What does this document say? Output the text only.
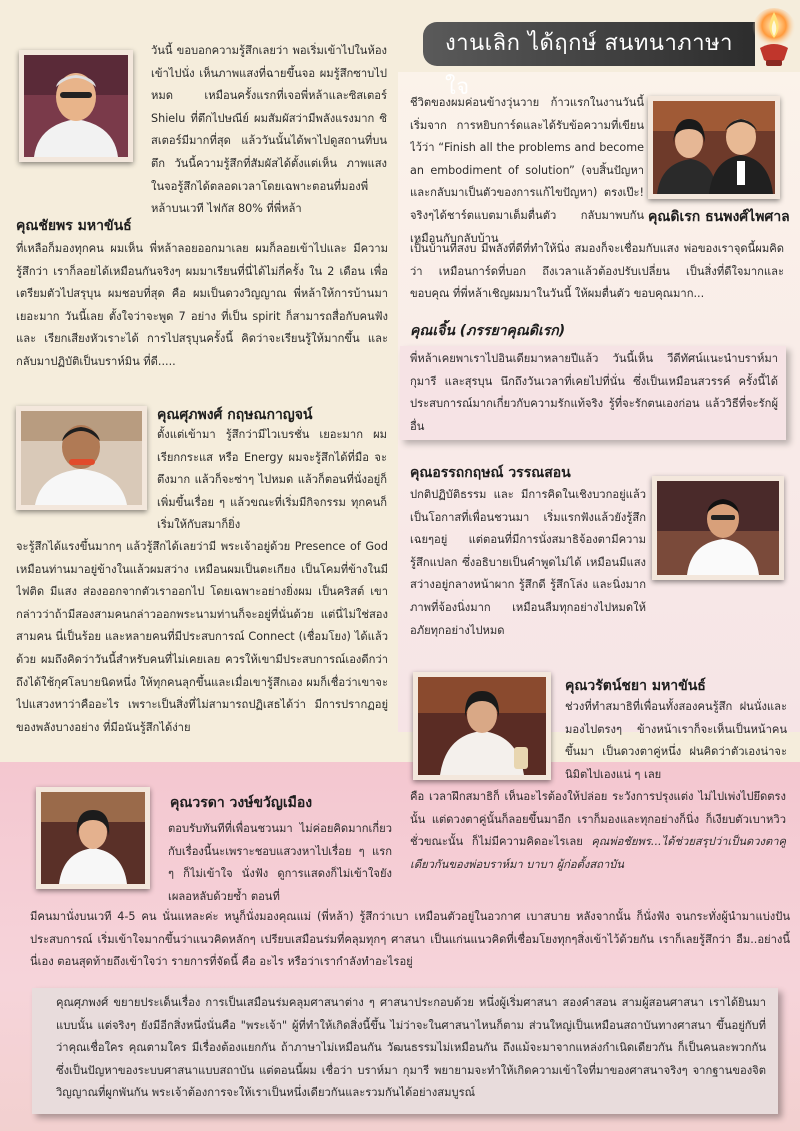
งานเลิก ได้ฤกษ์ สนทนาภาษาใจ
คุณชัยพร มหาขันธ์
วันนี้ ขอบอกความรู้สึกเลยว่า พอเริ่มเข้าไปในห้อง เข้าไปนั่ง เห็นภาพแสงที่ฉายขึ้นจอ ผมรู้สึกซาบไปหมด เหมือนครั้งแรกที่เจอพี่หล้าและซิสเตอร์ Shielu ที่ตึกไปษณีย์ ผมสัมผัสว่ามีพลังแรงมาก ซิสเตอร์มีมากที่สุด แล้ววันนั้นได้พาไปดูสถานที่บนตึก วันนี้ความรู้สึกที่สัมผัสได้ตั้งแต่เห็น ภาพแสงในจอรู้สึกได้ตลอดเวลาโดยเฉพาะตอนที่มองพี่หล้าบนเวที ไฟกัส 80% ที่พี่หล้า
ที่เหลือก็มองทุกคน ผมเห็น พี่หล้าลอยออกมาเลย ผมก็ลอยเข้าไปและ มีความรู้สึกว่า เราก็ลอยได้เหมือนกันจริงๆ ผมมาเรียนที่นี่ได้ไม่กี่ครั้ง ใน 2 เดือน เพื่อเตรียมตัวไปสรุบุน ผมชอบที่สุด คือ ผมเป็นดวงวิญญาณ พี่หล้าให้การบ้านมาเยอะมาก วันนี้เลย ตั้งใจว่าจะพูด 7 อย่าง ที่เป็น spirit ก็สามารถสื่อกับคนฟัง และ เรียกเสียงหัวเราะได้ การไปสรุบุนครั้งนี้ คิดว่าจะเรียนรู้ให้มากขึ้น และ กลับมาปฏิบัติเป็นบราห์มิน ที่ดี.....
คุณศุภพงศ์ กฤษณกาญจน์
ตั้งแต่เข้ามา รู้สึกว่ามีไวเบรชั่น เยอะมาก ผมเรียกกระแส หรือ Energy ผมจะรู้สึกได้ที่มือ จะตึงมาก แล้วก็จะซ่าๆ ไปหมด แล้วก็ตอนที่นั่งอยู่ก็เพิ่มขึ้นเรื่อย ๆ แล้วขณะที่เริ่มมีกิจกรรม ทุกคนก็เริ่มให้กับสมาก็ยิ่ง
จะรู้สึกได้แรงขึ้นมากๆ แล้วรู้สึกได้เลยว่ามี พระเจ้าอยู่ด้วย Presence of God เหมือนท่านมาอยู่ข้างในแล้วผมสว่าง เหมือนผมเป็นตะเกียง เป็นโคมที่ข้างในมีไฟติด มีแสง ส่องออกจากตัวเราออกไป โดยเฉพาะอย่างยิ่งผม เป็นคริสต์ เขากล่าวว่าถ้ามีสองสามคนกล่าวออกพระนามท่านก็จะอยู่ที่นั่นด้วย แต่นี่ไม่ใช่สองสามคน นี่เป็นร้อย และหลายคนที่มีประสบการณ์ Connect (เชื่อมโยง) ได้แล้วด้วย ผมถึงคิดว่าวันนี้สำหรับคนที่ไม่เคยเลย ควรให้เขามีประสบการณ์เองดีกว่า ถึงได้ใช้กุศโลบายนิดหนึ่ง ให้ทุกคนลุกขึ้นและเมื่อเขารู้สึกเอง ผมก็เชื่อว่าเขาจะไปแสวงหาว่าคืออะไร เพราะเป็นสิ่งที่ไม่สามารถปฏิเสธได้ว่า มีการปรากฏอยู่ของพลังบางอย่าง ที่มีอนันรู้สึกได้ง่าย
ชีวิตของผมค่อนข้างวุ่นวาย ก้าวแรกในงานวันนี้ เริ่มจาก การหยิบการ์ดและได้รับข้อความที่เขียนไว้ว่า “Finish all the problems and become an embodiment of solution” (จบสิ้นปัญหาและกลับมาเป็นตัวของการแก้ไขปัญหา) ตรงเป๊ะ! จริงๆได้ชาร์ตแบตมาเต็มตื่นตัว กลับมาพบกัน เหมือนกับกลับบ้าน
คุณดิเรก ธนพงศ์ไพศาล
เป็นบ้านที่สงบ มีพลังที่ดีที่ทำให้นิ่ง สมองก็จะเชื่อมกับแสง พ่อของเราจุดนี้ผมคิดว่า เหมือนการ์ดที่บอก ถึงเวลาแล้วต้องปรับเปลี่ยน เป็นสิ่งที่ดีใจมากและขอบคุณ ที่พี่หล้าเชิญผมมาในวันนี้ ให้ผมตื่นตัว ขอบคุณมาก...
คุณเจิ้น (ภรรยาคุณดิเรก)
พี่หล้าเคยพาเราไปอินเดียมาหลายปีแล้ว วันนี้เห็น วีดีทัศน์แนะนำบราห์มากุมารี และสุรบุน นึกถึงวันเวลาที่เคยไปที่นั่น ซึ่งเป็นเหมือนสวรรค์ ครั้งนี้ได้ประสบการณ์มากเกี่ยวกับความรักแท้จริง รู้ที่จะรักตนเองก่อน แล้ววิธีที่จะรักผู้อื่น
คุณอรรถกฤษณ์ วรรณสอน
ปกติปฏิบัติธรรม และ มีการคิดในเชิงบวกอยู่แล้ว เป็นโอกาสที่เพื่อนชวนมา เริ่มแรกฟังแล้วยังรู้สึกเฉยๆอยู่ แต่ตอนที่มีการนั่งสมาธิจ้องตามีความรู้สึกแปลก ซึ่งอธิบายเป็นคำพูดไม่ได้ เหมือนมีแสงสว่างอยู่กลางหน้าผาก รู้สึกดี รู้สึกโล่ง และนิ่งมากภาพที่จ้องนิ่งมาก เหมือนลืมทุกอย่างไปหมดให้อภัยทุกอย่างไปหมด
คุณวรัตน์ชยา มหาขันธ์
ช่วงที่ทำสมาธิที่เพื่อนทั้งสองคนรู้สึก ฝนนั่งและมองไปตรงๆ ข้างหน้าเราก็จะเห็นเป็นหน้าคนขึ้นมา เป็นดวงตาคู่หนึ่ง ฝนคิดว่าตัวเองน่าจะนิมิตไปเองแน่ ๆ เลย
คือ เวลาฝึกสมาธิก็ เห็นอะไรต้องให้ปล่อย ระวังการปรุงแต่ง ไม่ไปเพ่งไปยึดตรงนั้น แต่ดวงตาคู่นั้นก็ลอยขึ้นมาอีก เราก็มองและทุกอย่างก็นิ่ง ก็เงียบตัวเบาหวิว ชั่วขณะนั้น ก็ไม่มีความคิดอะไรเลย คุณพ่อชัยพร...ได้ช่วยสรุปว่าเป็นดวงตาคู่เดียวกันของพ่อบราห์มา บาบา ผู้ก่อตั้งสถาบัน
คุณวรดา วงษ์ขวัญเมือง
ตอบรับทันทีที่เพื่อนชวนมา ไม่ค่อยคิดมากเกี่ยวกับเรื่องนี้นะเพราะชอบแสวงหาไปเรื่อย ๆ แรก ๆ ก็ไม่เข้าใจ นั่งฟัง ดูการแสดงก็ไม่เข้าใจยังเผลอหลับด้วยซ้ำ ตอนที่
มีคนมานั่งบนเวที 4-5 คน นั่นแหละค่ะ หนูก็นั่งมองคุณแม่ (พี่หล้า) รู้สึกว่าเบา เหมือนตัวอยู่ในอวกาศ เบาสบาย หลังจากนั้น ก็นั่งฟัง จนกระทั่งผู้นำมาแบ่งปันประสบการณ์ เริ่มเข้าใจมากขึ้นว่าแนวคิดหลักๆ เปรียบเสมือนร่มที่คลุมทุกๆ ศาสนา เป็นแก่นแนวคิดที่เชื่อมโยงทุกๆสิ่งเข้าไว้ด้วยกัน เราก็เลยรู้สึกว่า อืม..อย่างนี้ นี่เอง ตอนสุดท้ายถึงเข้าใจว่า รายการที่จัดนี้ คือ อะไร หรือว่าเรากำลังทำอะไรอยู่
คุณศุภพงศ์ ขยายประเด็นเรื่อง การเป็นเสมือนร่มคลุมศาสนาต่าง ๆ ศาสนาประกอบด้วย หนึ่งผู้เริ่มศาสนา สองคำสอน สามผู้สอนศาสนา เราได้ยินมาแบบนั้น แต่จริงๆ ยังมีอีกสิ่งหนึ่งนั่นคือ "พระเจ้า" ผู้ที่ทำให้เกิดสิ่งนี้ขึ้น ไม่ว่าจะในศาสนาไหนก็ตาม ส่วนใหญ่เป็นเหมือนสถาบันทางศาสนา ขึ้นอยู่กับที่ว่าคุณเชื่อใคร คุณตามใคร มีเรื่องต้องแยกกัน ถ้าภาษาไม่เหมือนกัน วัฒนธรรมไม่เหมือนกัน ถึงแม้จะมาจากแหล่งกำเนิดเดียวกัน ก็เป็นคนละพวกกัน ซึ่งเป็นปัญหาของระบบศาสนาแบบสถาบัน แต่ตอนนี้ผม เชื่อว่า บราห์มา กุมารี พยายามจะทำให้เกิดความเข้าใจที่มาของศาสนาจริงๆ จากฐานของจิตวิญญาณที่ผูกพันกัน พระเจ้าต้องการจะให้เราเป็นหนึ่งเดียวกันและรวมกันได้อย่างสมบูรณ์
